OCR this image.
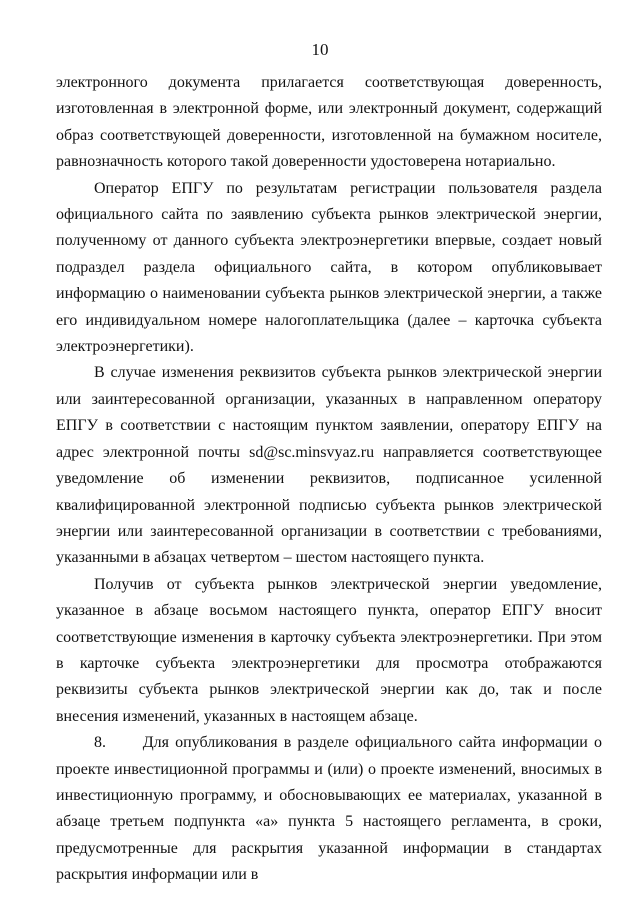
10

электронного документа прилагается соответствующая доверенность, изготовленная в электронной форме, или электронный документ, содержащий образ соответствующей доверенности, изготовленной на бумажном носителе, равнозначность которого такой доверенности удостоверена нотариально.

Оператор ЕПГУ по результатам регистрации пользователя раздела официального сайта по заявлению субъекта рынков электрической энергии, полученному от данного субъекта электроэнергетики впервые, создает новый подраздел раздела официального сайта, в котором опубликовывает информацию о наименовании субъекта рынков электрической энергии, а также его индивидуальном номере налогоплательщика (далее – карточка субъекта электроэнергетики).

В случае изменения реквизитов субъекта рынков электрической энергии или заинтересованной организации, указанных в направленном оператору ЕПГУ в соответствии с настоящим пунктом заявлении, оператору ЕПГУ на адрес электронной почты sd@sc.minsvyaz.ru направляется соответствующее уведомление об изменении реквизитов, подписанное усиленной квалифицированной электронной подписью субъекта рынков электрической энергии или заинтересованной организации в соответствии с требованиями, указанными в абзацах четвертом – шестом настоящего пункта.

Получив от субъекта рынков электрической энергии уведомление, указанное в абзаце восьмом настоящего пункта, оператор ЕПГУ вносит соответствующие изменения в карточку субъекта электроэнергетики. При этом в карточке субъекта электроэнергетики для просмотра отображаются реквизиты субъекта рынков электрической энергии как до, так и после внесения изменений, указанных в настоящем абзаце.

8.      Для опубликования в разделе официального сайта информации о проекте инвестиционной программы и (или) о проекте изменений, вносимых в инвестиционную программу, и обосновывающих ее материалах, указанной в абзаце третьем подпункта «а» пункта 5 настоящего регламента, в сроки, предусмотренные для раскрытия указанной информации в стандартах раскрытия информации или в
